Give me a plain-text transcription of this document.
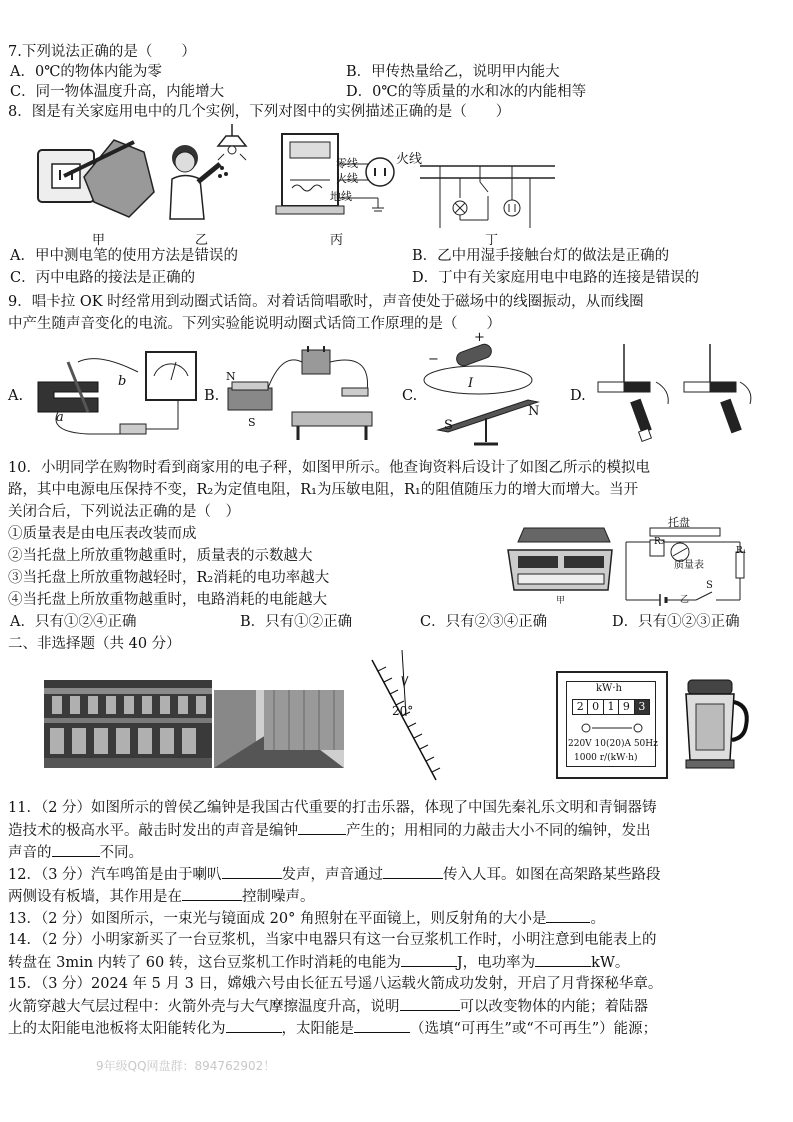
7.下列说法正确的是（　　）
A．0℃的物体内能为零	B．甲传热量给乙，说明甲内能大
C．同一物体温度升高，内能增大	D．0℃的等质量的水和冰的内能相等
8．图是有关家庭用电中的几个实例，下列对图中的实例描述正确的是（　　）
甲	乙
零线
火线
地线
丙
火线
丁
A．甲中测电笔的使用方法是错误的	B．乙中用湿手接触台灯的做法是正确的
C．丙中电路的接法是正确的	D．丁中有关家庭用电中电路的连接是错误的
9．唱卡拉 OK 时经常用到动圈式话筒。对着话筒唱歌时，声音使处于磁场中的线圈振动，从而线圈
中产生随声音变化的电流。下列实验能说明动圈式话筒工作原理的是（　　）
A.
b
a
B.
N
S
C.
−
+
I
S
N
D.
10．小明同学在购物时看到商家用的电子秤，如图甲所示。他查询资料后设计了如图乙所示的模拟电
路，其中电源电压保持不变，R₂为定值电阻，R₁为压敏电阻，R₁的阻值随压力的增大而增大。当开
关闭合后，下列说法正确的是（　）
①质量表是由电压表改装而成
②当托盘上所放重物越重时，质量表的示数越大
③当托盘上所放重物越轻时，R₂消耗的电功率越大
④当托盘上所放重物越重时，电路消耗的电能越大	甲
托盘
R₂
质量表
R₁
S
乙
A．只有①②④正确	B．只有①②正确	C．只有②③④正确	D．只有①②③正确
二、非选择题（共 40 分）
20°
kW·h
2 0 1 9 3
220V 10(20)A 50Hz
1000 r/(kW·h)
11．（2 分）如图所示的曾侯乙编钟是我国古代重要的打击乐器，体现了中国先秦礼乐文明和青铜器铸
造技术的极高水平。敲击时发出的声音是编钟	产生的；用相同的力敲击大小不同的编钟，发出
声音的	不同。
12．（3 分）汽车鸣笛是由于喇叭	发声，声音通过	传入人耳。如图在高架路某些路段
两侧设有板墙，其作用是在	控制噪声。
13．（2 分）如图所示，一束光与镜面成 20° 角照射在平面镜上，则反射角的大小是	。
14．（2 分）小明家新买了一台豆浆机，当家中电器只有这一台豆浆机工作时，小明注意到电能表上的
转盘在 3min 内转了 60 转，这台豆浆机工作时消耗的电能为	J，电功率为	kW。
15．（3 分）2024 年 5 月 3 日，嫦娥六号由长征五号遥八运载火箭成功发射，开启了月背探秘华章。
火箭穿越大气层过程中：火箭外壳与大气摩擦温度升高，说明	可以改变物体的内能；着陆器
上的太阳能电池板将太阳能转化为	，太阳能是	（选填“可再生”或“不可再生”）能源；
9年级QQ网盘群：894762902！
